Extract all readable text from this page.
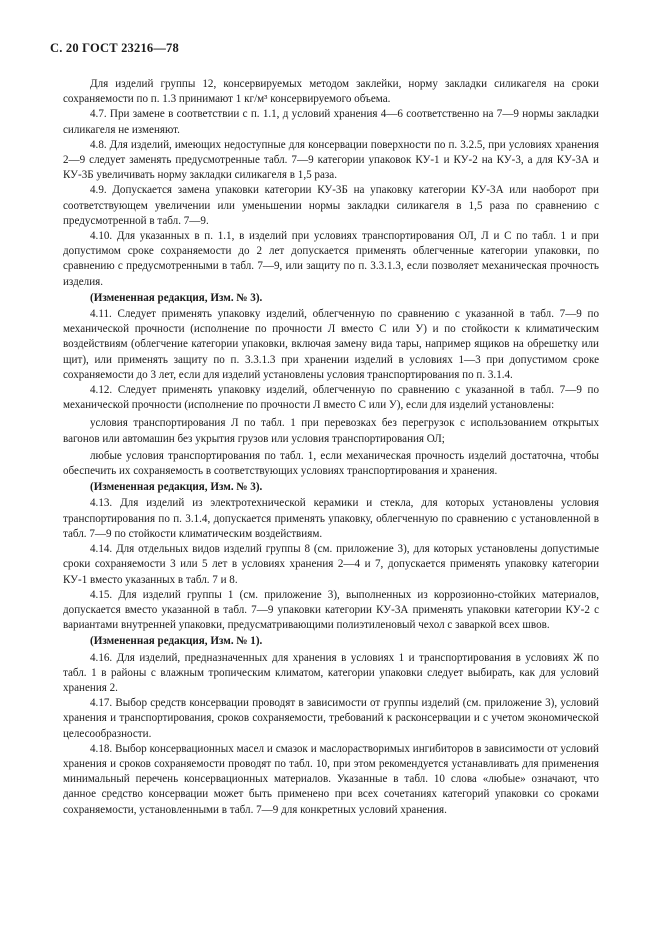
С. 20 ГОСТ 23216—78

Для изделий группы 12, консервируемых методом заклейки, норму закладки силикагеля на сроки сохраняемости по п. 1.3 принимают 1 кг/м³ консервируемого объема.

4.7. При замене в соответствии с п. 1.1, д условий хранения 4—6 соответственно на 7—9 нормы закладки силикагеля не изменяют.

4.8. Для изделий, имеющих недоступные для консервации поверхности по п. 3.2.5, при условиях хранения 2—9 следует заменять предусмотренные табл. 7—9 категории упаковок КУ-1 и КУ-2 на КУ-3, а для КУ-3А и КУ-3Б увеличивать норму закладки силикагеля в 1,5 раза.

4.9. Допускается замена упаковки категории КУ-3Б на упаковку категории КУ-3А или наоборот при соответствующем увеличении или уменьшении нормы закладки силикагеля в 1,5 раза по сравнению с предусмотренной в табл. 7—9.

4.10. Для указанных в п. 1.1, в изделий при условиях транспортирования ОЛ, Л и С по табл. 1 и при допустимом сроке сохраняемости до 2 лет допускается применять облегченные категории упаковки, по сравнению с предусмотренными в табл. 7—9, или защиту по п. 3.3.1.3, если позволяет механическая прочность изделия.

(Измененная редакция, Изм. № 3).

4.11. Следует применять упаковку изделий, облегченную по сравнению с указанной в табл. 7—9 по механической прочности (исполнение по прочности Л вместо С или У) и по стойкости к климатическим воздействиям (облегчение категории упаковки, включая замену вида тары, например ящиков на обрешетку или щит), или применять защиту по п. 3.3.1.3 при хранении изделий в условиях 1—3 при допустимом сроке сохраняемости до 3 лет, если для изделий установлены условия транспортирования по п. 3.1.4.

4.12. Следует применять упаковку изделий, облегченную по сравнению с указанной в табл. 7—9 по механической прочности (исполнение по прочности Л вместо С или У), если для изделий установлены:

условия транспортирования Л по табл. 1 при перевозках без перегрузок с использованием открытых вагонов или автомашин без укрытия грузов или условия транспортирования ОЛ;

любые условия транспортирования по табл. 1, если механическая прочность изделий достаточна, чтобы обеспечить их сохраняемость в соответствующих условиях транспортирования и хранения.

(Измененная редакция, Изм. № 3).

4.13. Для изделий из электротехнической керамики и стекла, для которых установлены условия транспортирования по п. 3.1.4, допускается применять упаковку, облегченную по сравнению с установленной в табл. 7—9 по стойкости климатическим воздействиям.

4.14. Для отдельных видов изделий группы 8 (см. приложение 3), для которых установлены допустимые сроки сохраняемости 3 или 5 лет в условиях хранения 2—4 и 7, допускается применять упаковку категории КУ-1 вместо указанных в табл. 7 и 8.

4.15. Для изделий группы 1 (см. приложение 3), выполненных из коррозионно-стойких материалов, допускается вместо указанной в табл. 7—9 упаковки категории КУ-3А применять упаковки категории КУ-2 с вариантами внутренней упаковки, предусматривающими полиэтиленовый чехол с заваркой всех швов.

(Измененная редакция, Изм. № 1).

4.16. Для изделий, предназначенных для хранения в условиях 1 и транспортирования в условиях Ж по табл. 1 в районы с влажным тропическим климатом, категории упаковки следует выбирать, как для условий хранения 2.

4.17. Выбор средств консервации проводят в зависимости от группы изделий (см. приложение 3), условий хранения и транспортирования, сроков сохраняемости, требований к расконсервации и с учетом экономической целесообразности.

4.18. Выбор консервационных масел и смазок и маслорастворимых ингибиторов в зависимости от условий хранения и сроков сохраняемости проводят по табл. 10, при этом рекомендуется устанавливать для применения минимальный перечень консервационных материалов. Указанные в табл. 10 слова «любые» означают, что данное средство консервации может быть применено при всех сочетаниях категорий упаковки со сроками сохраняемости, установленными в табл. 7—9 для конкретных условий хранения.
